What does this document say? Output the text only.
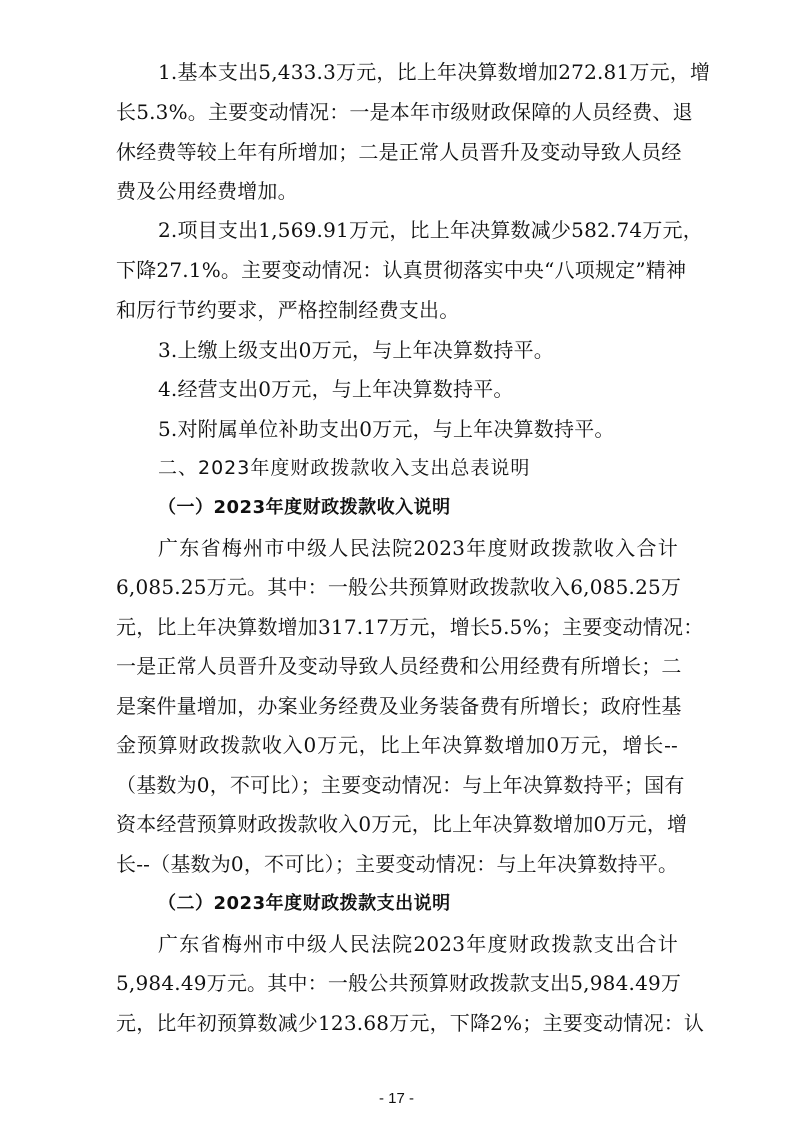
1.基本支出5,433.3万元，比上年决算数增加272.81万元，增
长5.3%。主要变动情况：一是本年市级财政保障的人员经费、退
休经费等较上年有所增加；二是正常人员晋升及变动导致人员经
费及公用经费增加。
2.项目支出1,569.91万元，比上年决算数减少582.74万元，
下降27.1%。主要变动情况：认真贯彻落实中央“八项规定”精神
和厉行节约要求，严格控制经费支出。
3.上缴上级支出0万元，与上年决算数持平。
4.经营支出0万元，与上年决算数持平。
5.对附属单位补助支出0万元，与上年决算数持平。
二、2023年度财政拨款收入支出总表说明
（一）2023年度财政拨款收入说明
广东省梅州市中级人民法院2023年度财政拨款收入合计
6,085.25万元。其中：一般公共预算财政拨款收入6,085.25万
元，比上年决算数增加317.17万元，增长5.5%；主要变动情况：
一是正常人员晋升及变动导致人员经费和公用经费有所增长；二
是案件量增加，办案业务经费及业务装备费有所增长；政府性基
金预算财政拨款收入0万元，比上年决算数增加0万元，增长--
（基数为0，不可比）；主要变动情况：与上年决算数持平；国有
资本经营预算财政拨款收入0万元，比上年决算数增加0万元，增
长--（基数为0，不可比）；主要变动情况：与上年决算数持平。
（二）2023年度财政拨款支出说明
广东省梅州市中级人民法院2023年度财政拨款支出合计
5,984.49万元。其中：一般公共预算财政拨款支出5,984.49万
元，比年初预算数减少123.68万元，下降2%；主要变动情况：认
- 17 -
